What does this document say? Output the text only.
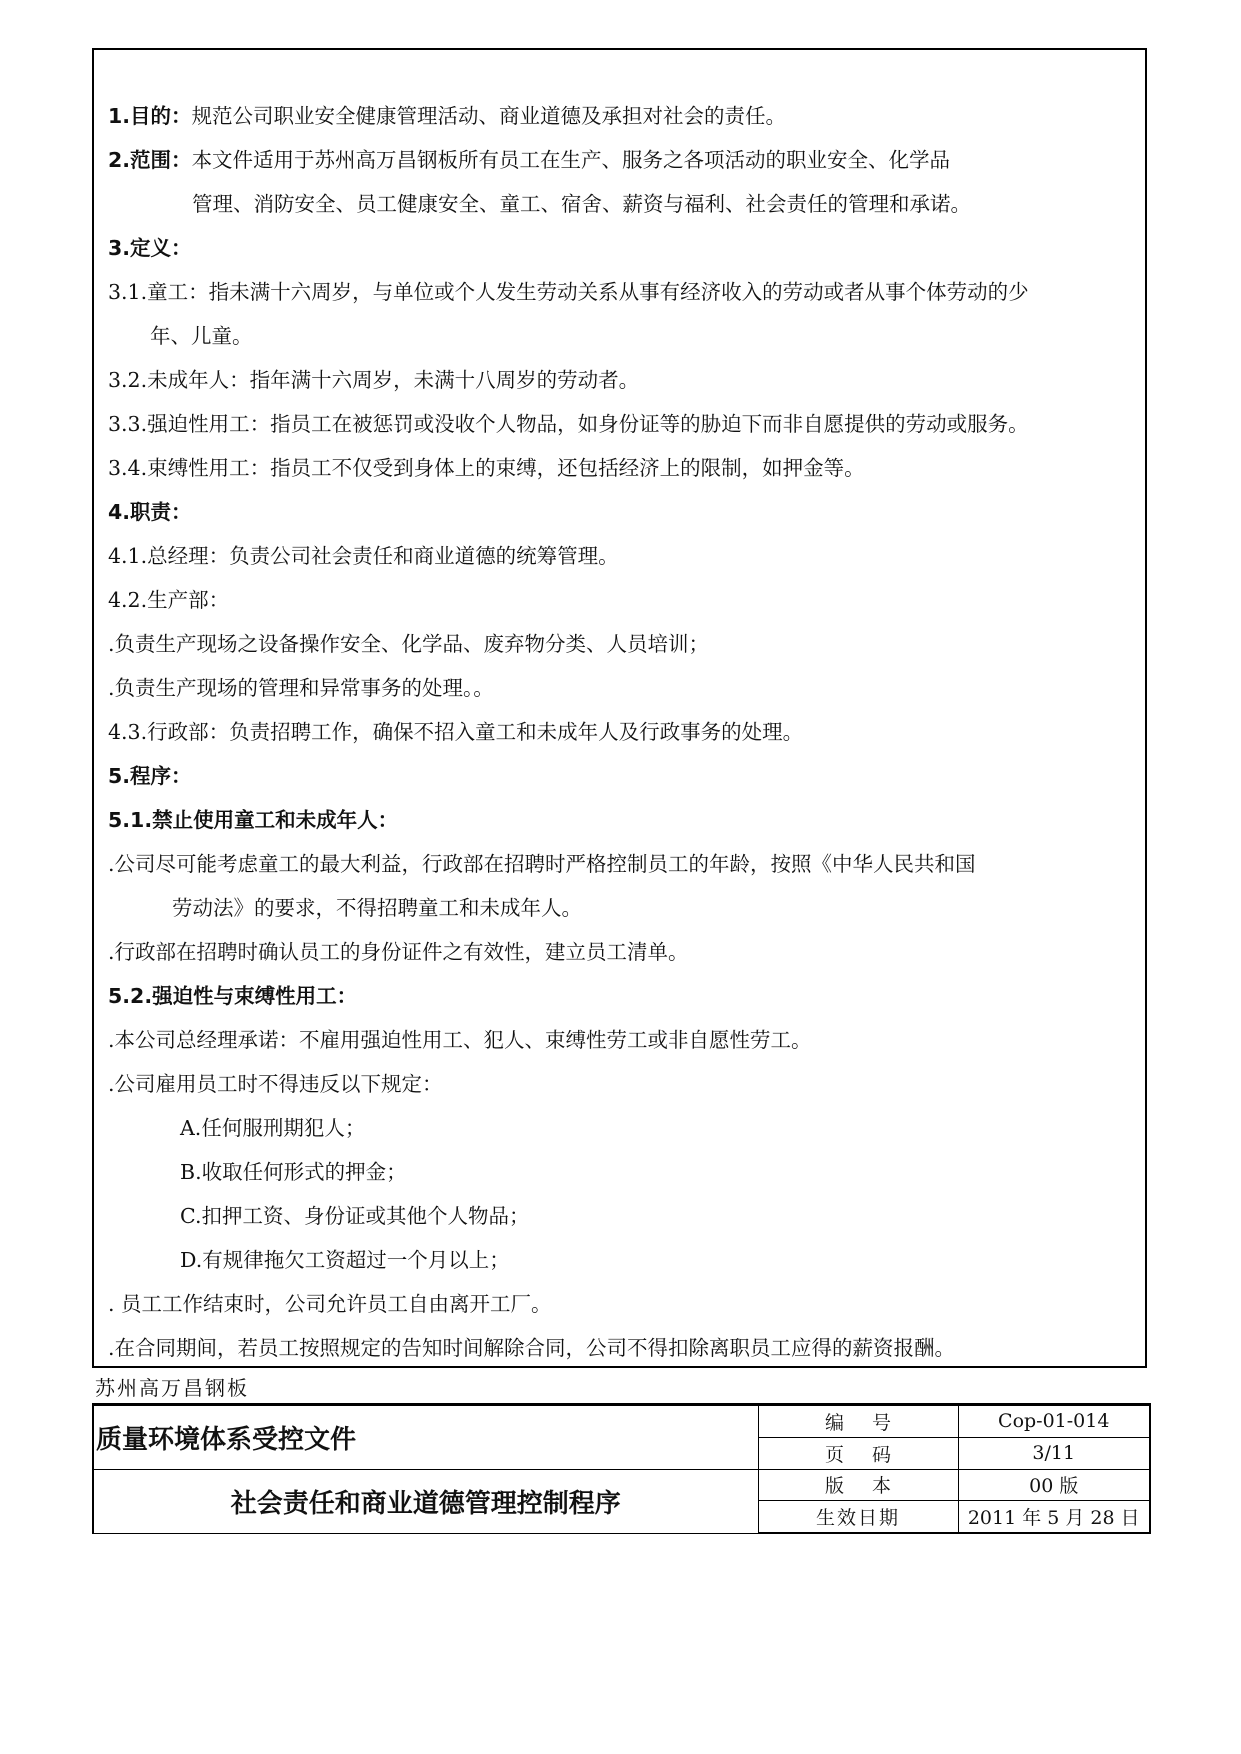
1.目的：规范公司职业安全健康管理活动、商业道德及承担对社会的责任。
2.范围：本文件适用于苏州高万昌钢板所有员工在生产、服务之各项活动的职业安全、化学品
管理、消防安全、员工健康安全、童工、宿舍、薪资与福利、社会责任的管理和承诺。
3.定义：
3.1.童工：指未满十六周岁，与单位或个人发生劳动关系从事有经济收入的劳动或者从事个体劳动的少
年、儿童。
3.2.未成年人：指年满十六周岁，未满十八周岁的劳动者。
3.3.强迫性用工：指员工在被惩罚或没收个人物品，如身份证等的胁迫下而非自愿提供的劳动或服务。
3.4.束缚性用工：指员工不仅受到身体上的束缚，还包括经济上的限制，如押金等。
4.职责：
4.1.总经理：负责公司社会责任和商业道德的统筹管理。
4.2.生产部：
.负责生产现场之设备操作安全、化学品、废弃物分类、人员培训；
.负责生产现场的管理和异常事务的处理。。
4.3.行政部：负责招聘工作，确保不招入童工和未成年人及行政事务的处理。
5.程序：
5.1.禁止使用童工和未成年人：
.公司尽可能考虑童工的最大利益，行政部在招聘时严格控制员工的年龄，按照《中华人民共和国
劳动法》的要求，不得招聘童工和未成年人。
.行政部在招聘时确认员工的身份证件之有效性，建立员工清单。
5.2.强迫性与束缚性用工：
.本公司总经理承诺：不雇用强迫性用工、犯人、束缚性劳工或非自愿性劳工。
.公司雇用员工时不得违反以下规定：
A.任何服刑期犯人；
B.收取任何形式的押金；
C.扣押工资、身份证或其他个人物品；
D.有规律拖欠工资超过一个月以上；
. 员工工作结束时，公司允许员工自由离开工厂。
.在合同期间，若员工按照规定的告知时间解除合同，公司不得扣除离职员工应得的薪资报酬。
苏州高万昌钢板
质量环境体系受控文件	编号	Cop-01-014
	页码	3/11
社会责任和商业道德管理控制程序	版本	00 版
	生效日期	2011 年 5 月 28 日
